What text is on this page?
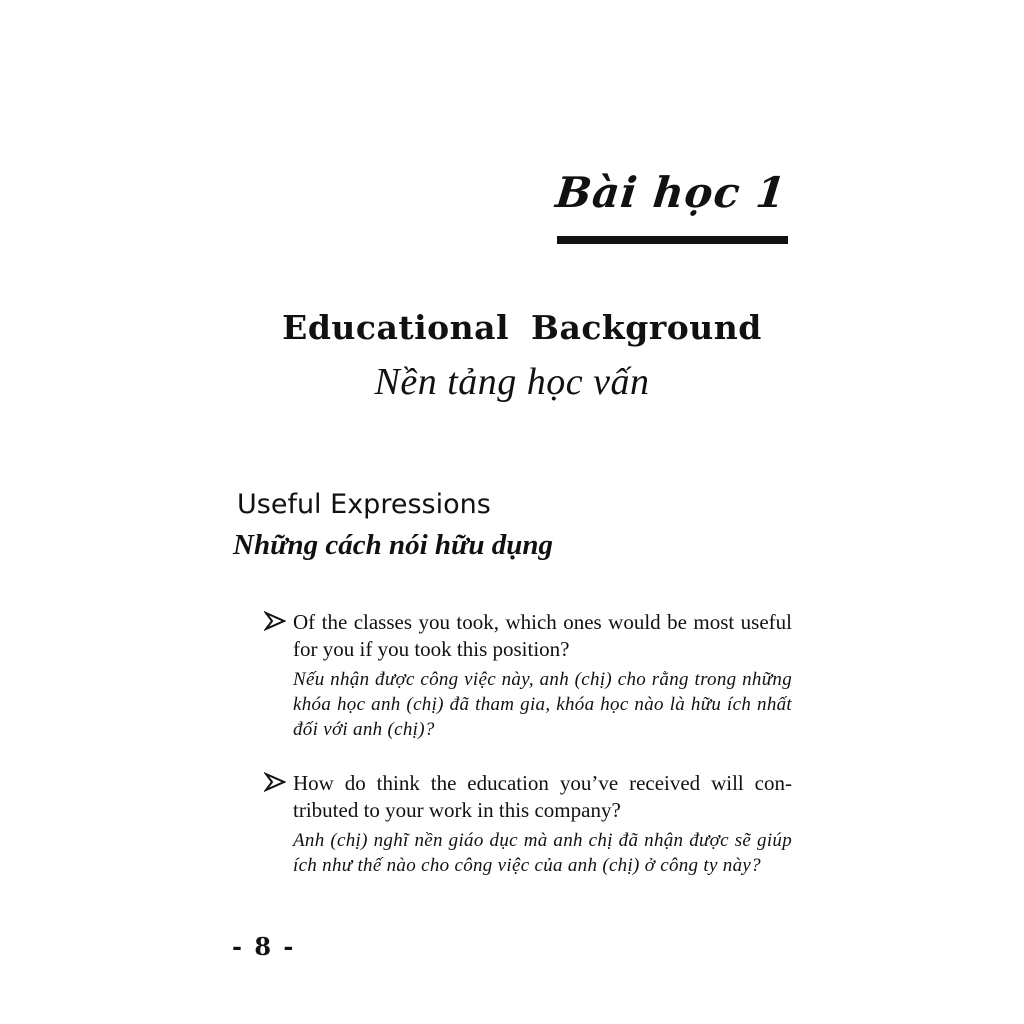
Bài học 1
Educational Background
Nền tảng học vấn
Useful Expressions
Những cách nói hữu dụng
Of the classes you took, which ones would be most useful for you if you took this position?
Nếu nhận được công việc này, anh (chị) cho rằng trong những khóa học anh (chị) đã tham gia, khóa học nào là hữu ích nhất đối với anh (chị)?
How do think the education you’ve received will con-tributed to your work in this company?
Anh (chị) nghĩ nền giáo dục mà anh chị đã nhận được sẽ giúp ích như thế nào cho công việc của anh (chị) ở công ty này?
- 8 -
